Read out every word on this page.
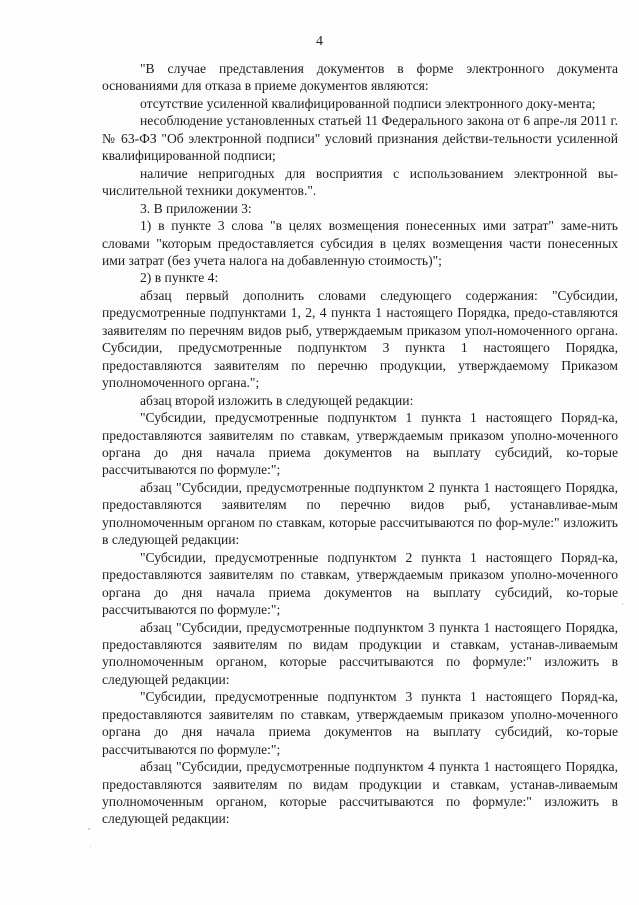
4

"В случае представления документов в форме электронного документа основаниями для отказа в приеме документов являются:

отсутствие усиленной квалифицированной подписи электронного доку-мента;

несоблюдение установленных статьей 11 Федерального закона от 6 апре-ля 2011 г. № 63-ФЗ "Об электронной подписи" условий признания действи-тельности усиленной квалифицированной подписи;

наличие непригодных для восприятия с использованием электронной вы-числительной техники документов.".

3. В приложении 3:

1) в пункте 3 слова "в целях возмещения понесенных ими затрат" заме-нить словами "которым предоставляется субсидия в целях возмещения части понесенных ими затрат (без учета налога на добавленную стоимость)";

2) в пункте 4:

абзац первый дополнить словами следующего содержания: "Субсидии, предусмотренные подпунктами 1, 2, 4 пункта 1 настоящего Порядка, предо-ставляются заявителям по перечням видов рыб, утверждаемым приказом упол-номоченного органа. Субсидии, предусмотренные подпунктом 3 пункта 1 настоящего Порядка, предоставляются заявителям по перечню продукции, утверждаемому Приказом уполномоченного органа.";

абзац второй изложить в следующей редакции:

"Субсидии, предусмотренные подпунктом 1 пункта 1 настоящего Поряд-ка, предоставляются заявителям по ставкам, утверждаемым приказом уполно-моченного органа до дня начала приема документов на выплату субсидий, ко-торые рассчитываются по формуле:";

абзац "Субсидии, предусмотренные подпунктом 2 пункта 1 настоящего Порядка, предоставляются заявителям по перечню видов рыб, устанавливае-мым уполномоченным органом по ставкам, которые рассчитываются по фор-муле:" изложить в следующей редакции:

"Субсидии, предусмотренные подпунктом 2 пункта 1 настоящего Поряд-ка, предоставляются заявителям по ставкам, утверждаемым приказом уполно-моченного органа до дня начала приема документов на выплату субсидий, ко-торые рассчитываются по формуле:";

абзац "Субсидии, предусмотренные подпунктом 3 пункта 1 настоящего Порядка, предоставляются заявителям по видам продукции и ставкам, устанав-ливаемым уполномоченным органом, которые рассчитываются по формуле:" изложить в следующей редакции:

"Субсидии, предусмотренные подпунктом 3 пункта 1 настоящего Поряд-ка, предоставляются заявителям по ставкам, утверждаемым приказом уполно-моченного органа до дня начала приема документов на выплату субсидий, ко-торые рассчитываются по формуле:";

абзац "Субсидии, предусмотренные подпунктом 4 пункта 1 настоящего Порядка, предоставляются заявителям по видам продукции и ставкам, устанав-ливаемым уполномоченным органом, которые рассчитываются по формуле:" изложить в следующей редакции:
